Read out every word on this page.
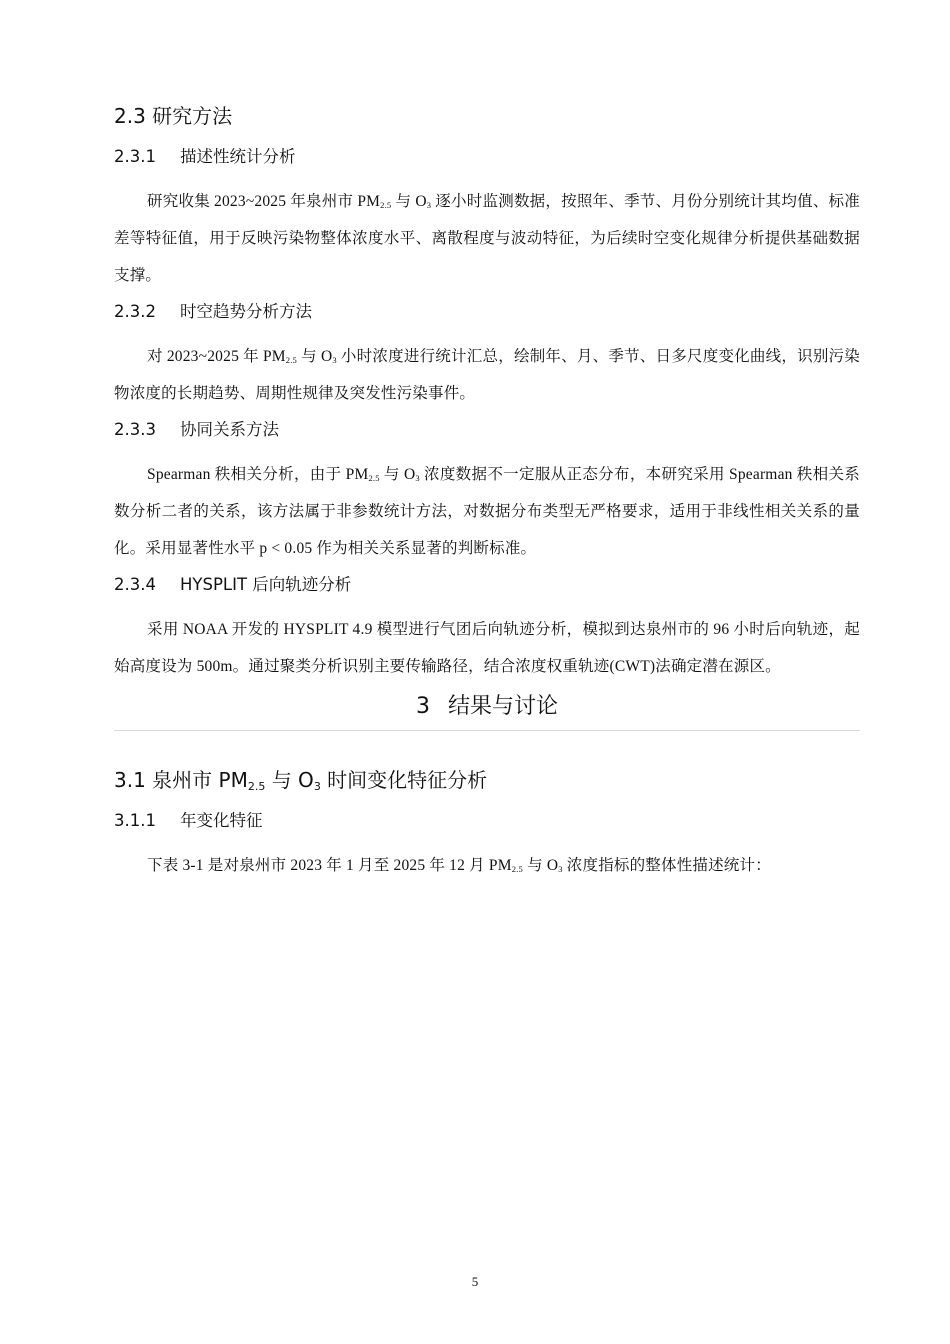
2.3 研究方法
2.3.1 描述性统计分析

研究收集 2023~2025 年泉州市 $PM_{2.5}$ 与 $O_3$ 逐小时监测数据，按照年、季节、月份分别统计其均值、标准差等特征值，用于反映污染物整体浓度水平、离散程度与波动特征，为后续时空变化规律分析提供基础数据支撑。

2.3.2 时空趋势分析方法

对 2023~2025 年 $PM_{2.5}$ 与 $O_3$ 小时浓度进行统计汇总，绘制年、月、季节、日多尺度变化曲线，识别污染物浓度的长期趋势、周期性规律及突发性污染事件。

2.3.3 协同关系方法

Spearman 秩相关分析，由于 $PM_{2.5}$ 与 $O_3$ 浓度数据不一定服从正态分布，本研究采用 Spearman 秩相关系数分析二者的关系，该方法属于非参数统计方法，对数据分布类型无严格要求，适用于非线性相关关系的量化。采用显著性水平 p < 0.05 作为相关关系显著的判断标准。

2.3.4 HYSPLIT 后向轨迹分析

采用 NOAA 开发的 HYSPLIT 4.9 模型进行气团后向轨迹分析，模拟到达泉州市的 96 小时后向轨迹，起始高度设为 500m。通过聚类分析识别主要传输路径，结合浓度权重轨迹(CWT)法确定潜在源区。

3 结果与讨论
3.1 泉州市 $PM_{2.5}$ 与 $O_3$ 时间变化特征分析
3.1.1 年变化特征

下表 3-1 是对泉州市 2023 年 1 月至 2025 年 12 月 $PM_{2.5}$ 与 $O_3$ 浓度指标的整体性描述统计：

5
